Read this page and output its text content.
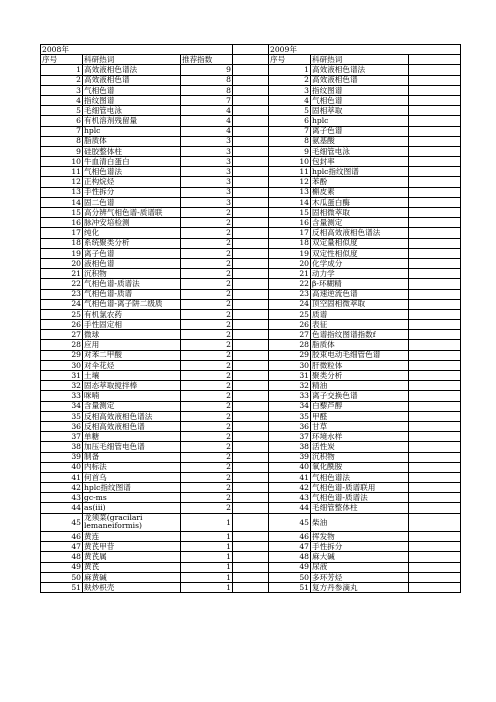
2008年				2009年		
序号	科研热词	推荐指数		序号	科研热词	
1	高效液相色谱法	9		1	高效液相色谱法	
2	高效液相色谱	8		2	高效液相色谱	
3	气相色谱	8		3	指纹图谱	
4	指纹图谱	7		4	气相色谱	
5	毛细管电泳	4		5	固相萃取	
6	有机溶剂残留量	4		6	hplc	
7	hplc	4		7	离子色谱	
8	脂质体	3		8	氨基酸	
9	硅胶整体柱	3		9	毛细管电泳	
10	牛血清白蛋白	3		10	包封率	
11	气相色谱法	3		11	hplc指纹图谱	
12	正构烷烃	3		12	苯酚	
13	手性拆分	3		13	槲皮素	
14	固二色谱	3		14	木瓜蛋白酶	
15	高分辨气相色谱-质谱联	2		15	固相微萃取	
16	脉冲安培检测	2		16	含量测定	
17	纯化	2		17	反相高效液相色谱法	
18	系统聚类分析	2		18	双定量相似度	
19	离子色谱	2		19	双定性相似度	
20	液相色谱	2		20	化学成分	
21	沉积物	2		21	动力学	
22	气相色谱-质谱法	2		22	β-环糊精	
23	气相色谱-质谱	2		23	高速逆流色谱	
24	气相色谱-离子阱二级质	2		24	顶空固相微萃取	
25	有机氯农药	2		25	质谱	
26	手性固定相	2		26	表征	
27	微球	2		27	色谱指纹图谱指数f	
28	应用	2		28	脂质体	
29	对苯二甲酸	2		29	胶束电动毛细管色谱	
30	对伞花烃	2		30	肝微粒体	
31	土壤	2		31	聚类分析	
32	固态萃取搅拌棒	2		32	精油	
33	咪喃	2		33	离子交换色谱	
34	含量测定	2		34	白藜芦醇	
35	反相高效液相色谱法	2		35	甲醛	
36	反相高效液相色谱	2		36	甘草	
37	单糖	2		37	环境水样	
38	加压毛细管电色谱	2		38	活性炭	
39	制备	2		39	沉积物	
40	内标法	2		40	氧化酰胺	
41	何首乌	2		41	气相色谱法	
42	hplc指纹图谱	2		42	气相色谱-质谱联用	
43	gc-ms	2		43	气相色谱-质谱法	
44	as(iii)	2		44	毛细管整体柱	
45	龙须菜(gracilari lemaneiformis)	1		45	柴油	
46	黄连	1		46	挥发物	
47	黄芪甲苷	1		47	手性拆分	
48	黄芪属	1		48	麻大碱	
49	黄芪	1		49	尿液	
50	麻黄碱	1		50	多环芳烃	
51	麸炒枳壳	1		51	复方丹参滴丸	
